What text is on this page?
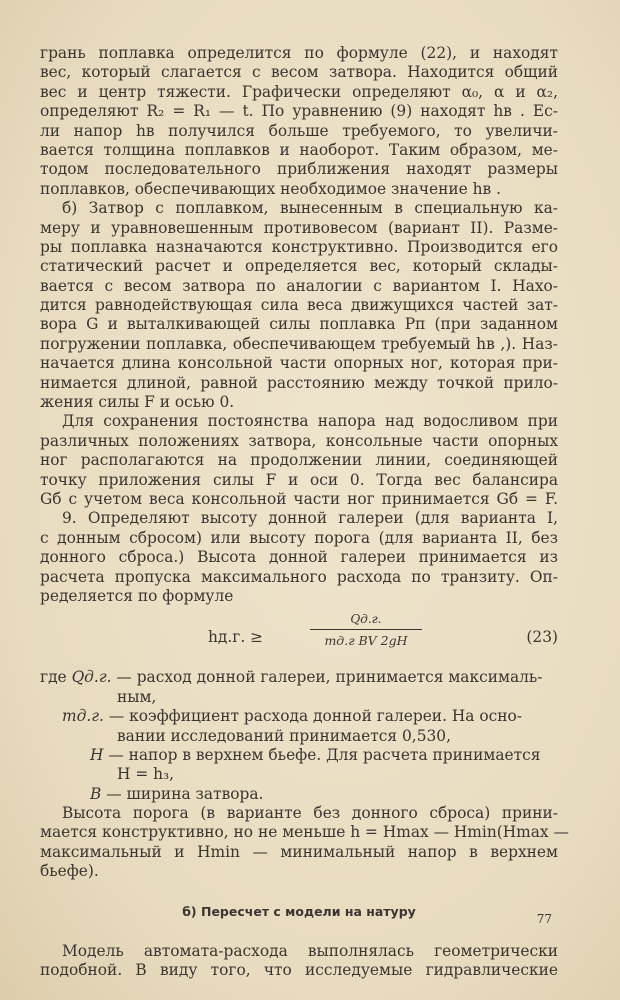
грань поплавка определится по формуле (22), и находят
вес, который слагается с весом затвора. Находится общий
вес и центр тяжести. Графически определяют α₀, α и α₂,
определяют R₂ = R₁ — t. По уравнению (9) находят hв . Ес-
ли напор hв получился больше требуемого, то увеличи-
вается толщина поплавков и наоборот. Таким образом, ме-
тодом последовательного приближения находят размеры
поплавков, обеспечивающих необходимое значение hв .
б) Затвор с поплавком, вынесенным в специальную ка-
меру и уравновешенным противовесом (вариант II). Разме-
ры поплавка назначаются конструктивно. Производится его
статический расчет и определяется вес, который склады-
вается с весом затвора по аналогии с вариантом I. Нахо-
дится равнодействующая сила веса движущихся частей зат-
вора G и выталкивающей силы поплавка Pп (при заданном
погружении поплавка, обеспечивающем требуемый hв ,). Наз-
начается длина консольной части опорных ног, которая при-
нимается длиной, равной расстоянию между точкой прило-
жения силы F и осью 0.
Для сохранения постоянства напора над водосливом при
различных положениях затвора, консольные части опорных
ног располагаются на продолжении линии, соединяющей
точку приложения силы F и оси 0. Тогда вес балансира
Gб с учетом веса консольной части ног принимается Gб = F.
9. Определяют высоту донной галереи (для варианта I,
с донным сбросом) или высоту порога (для варианта II, без
донного сброса.) Высота донной галереи принимается из
расчета пропуска максимального расхода по транзиту. Оп-
ределяется по формуле
hд.г. ≥
Qд.г.
mд.г BV 2gH	(23)
где Qд.г. — расход донной галереи, принимается максималь-
ным,
mд.г. — коэффициент расхода донной галереи. На осно-
вании исследований принимается 0,530,
H — напор в верхнем бьефе. Для расчета принимается
H = h₃,
B — ширина затвора.
Высота порога (в варианте без донного сброса) прини-
мается конструктивно, но не меньше h = Hmax — Hmin(Hmax —
максимальный и Hmin — минимальный напор в верхнем
бьефе).
б) Пересчет с модели на натуру
Модель автомата-расхода выполнялась геометрически
подобной. В виду того, что исследуемые гидравлические
77
